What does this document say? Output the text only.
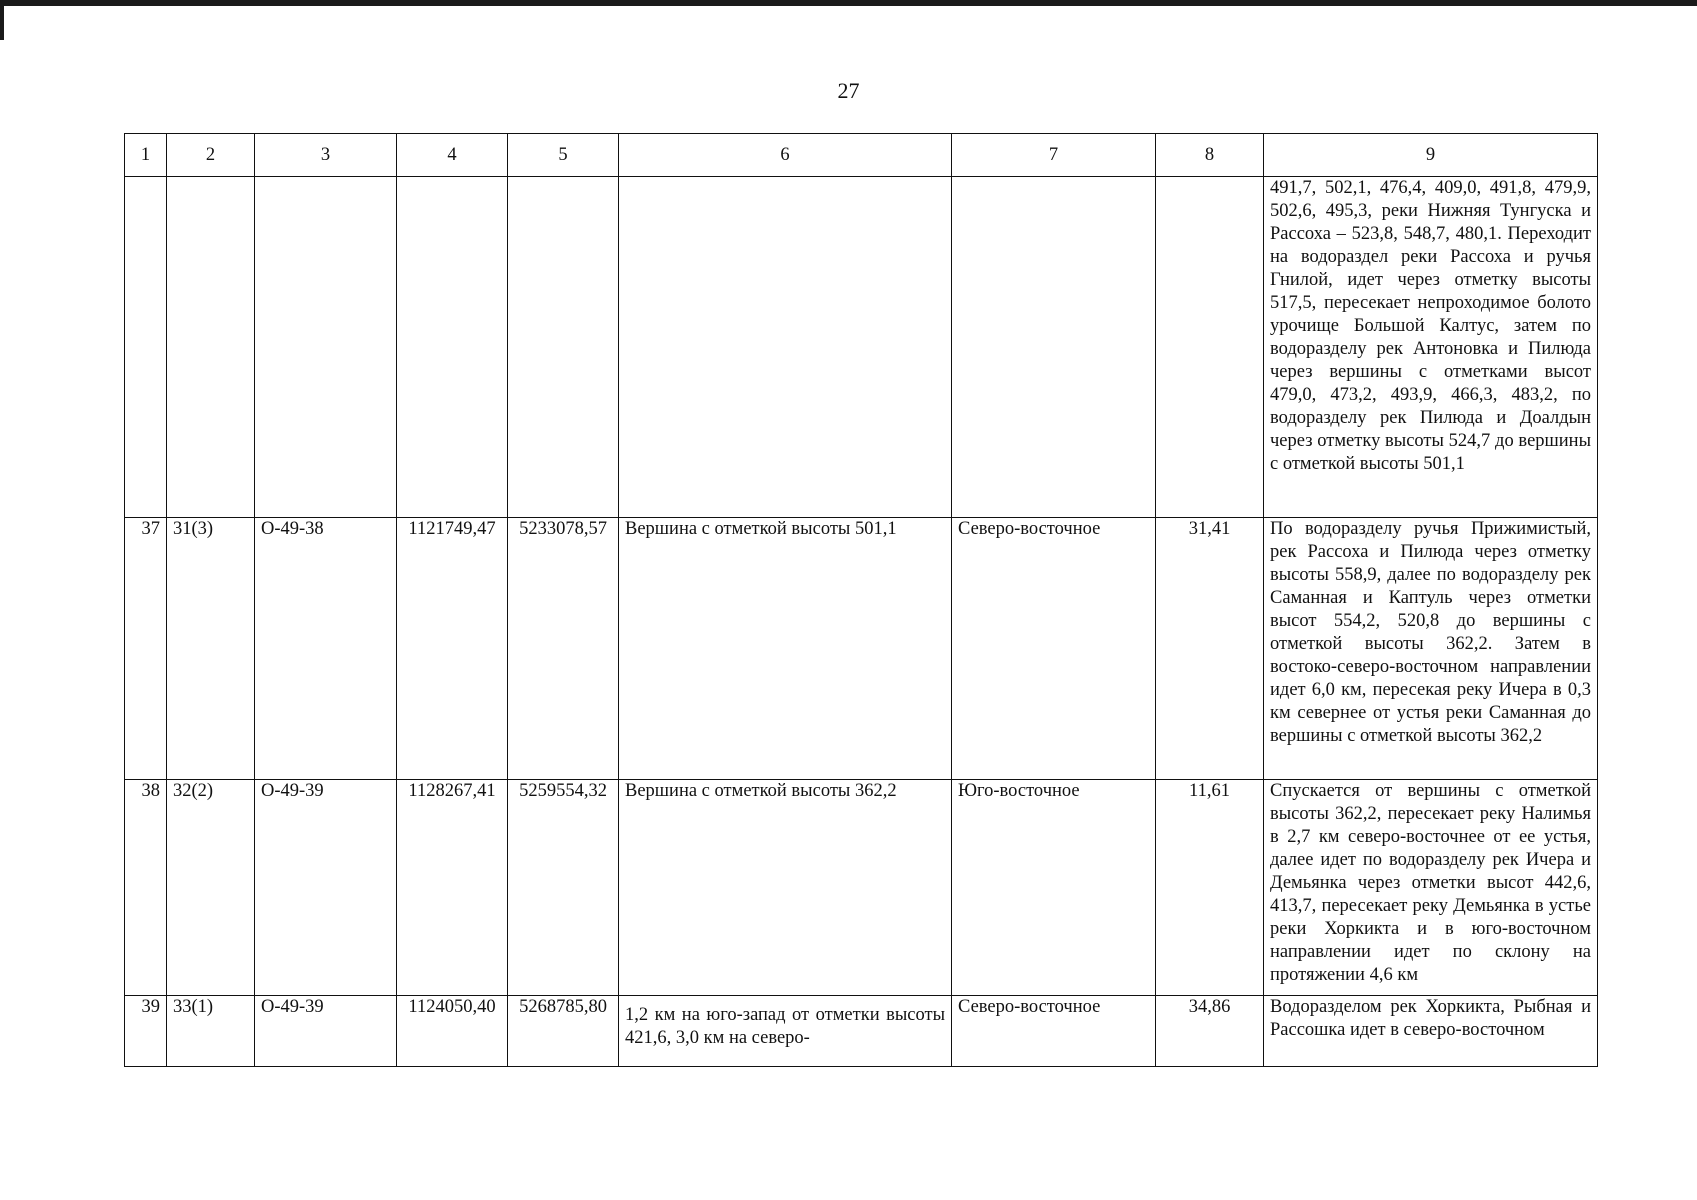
27
1	2	3	4	5	6	7	8	9
								491,7, 502,1, 476,4, 409,0, 491,8, 479,9, 502,6, 495,3, реки Нижняя Тунгуска и Рассоха – 523,8, 548,7, 480,1. Переходит на водораздел реки Рассоха и ручья Гнилой, идет через отметку высоты 517,5, пересекает непроходимое болото урочище Большой Калтус, затем по водоразделу рек Антоновка и Пилюда через вершины с отметками высот 479,0, 473,2, 493,9, 466,3, 483,2, по водоразделу рек Пилюда и Доалдын через отметку высоты 524,7 до вершины с отметкой высоты 501,1
37	31(3)	O-49-38	1121749,47	5233078,57	Вершина с отметкой высоты 501,1	Северо-восточное	31,41	По водоразделу ручья Прижимистый, рек Рассоха и Пилюда через отметку высоты 558,9, далее по водоразделу рек Саманная и Каптуль через отметки высот 554,2, 520,8 до вершины с отметкой высоты 362,2. Затем в востоко-северо-восточном направлении идет 6,0 км, пересекая реку Ичера в 0,3 км севернее от устья реки Саманная до вершины с отметкой высоты 362,2
38	32(2)	O-49-39	1128267,41	5259554,32	Вершина с отметкой высоты 362,2	Юго-восточное	11,61	Спускается от вершины с отметкой высоты 362,2, пересекает реку Налимья в 2,7 км северо-восточнее от ее устья, далее идет по водоразделу рек Ичера и Демьянка через отметки высот 442,6, 413,7, пересекает реку Демьянка в устье реки Хоркикта и в юго-восточном направлении идет по склону на протяжении 4,6 км
39	33(1)	O-49-39	1124050,40	5268785,80	1,2 км на юго-запад от отметки высоты 421,6, 3,0 км на северо-	Северо-восточное	34,86	Водоразделом рек Хоркикта, Рыбная и Рассошка идет в северо-восточном
